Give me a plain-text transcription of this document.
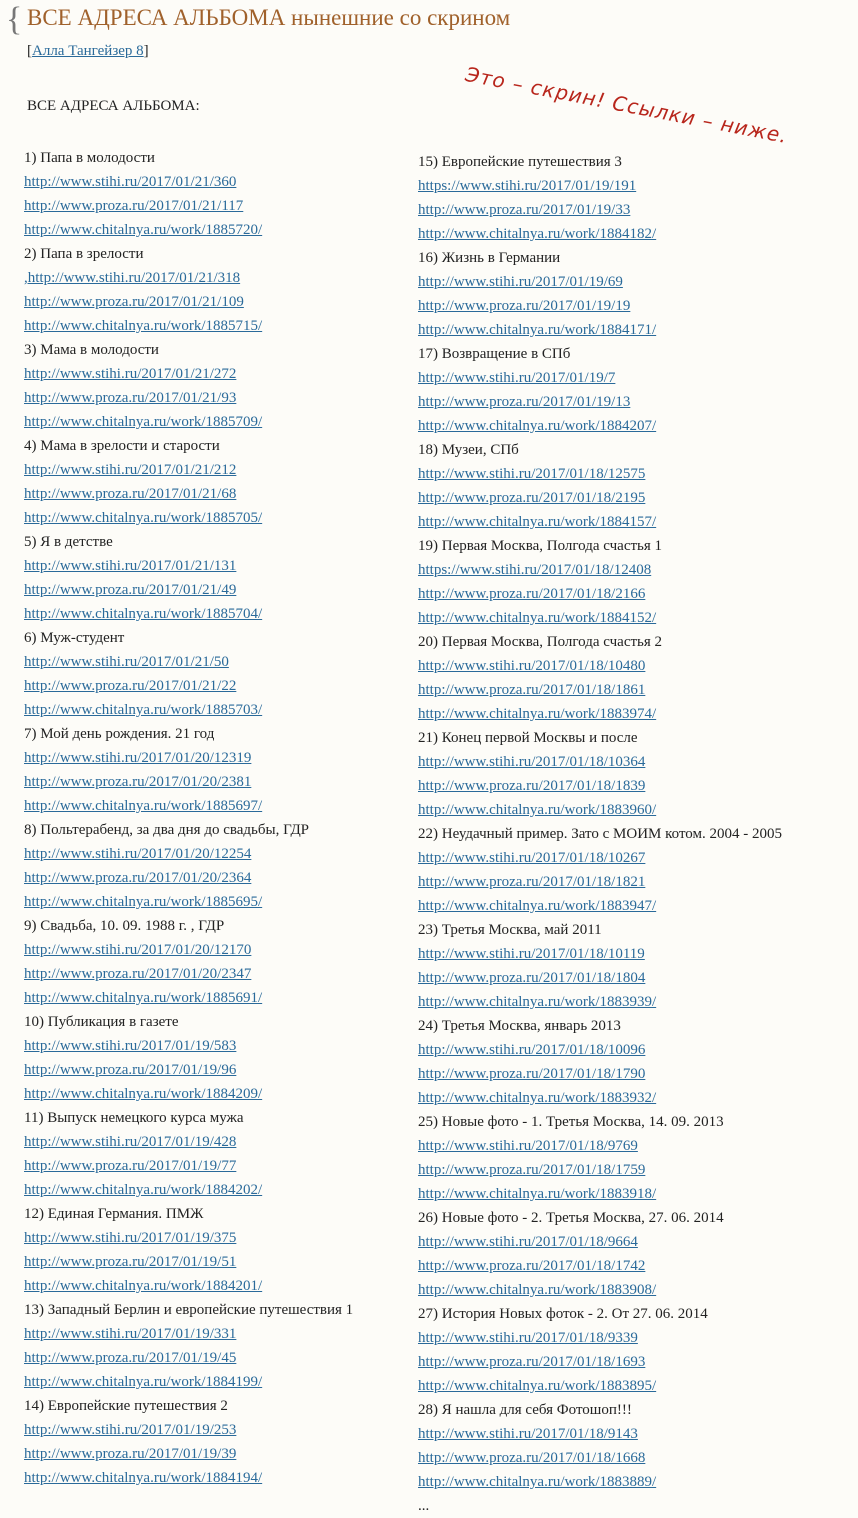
{ ВСЕ АДРЕСА АЛЬБОМА нынешние со скрином
[Алла Тангейзер 8]
ВСЕ АДРЕСА АЛЬБОМА:	Это – скрин! Ссылки – ниже.
1) Папа в молодости
http://www.stihi.ru/2017/01/21/360
http://www.proza.ru/2017/01/21/117
http://www.chitalnya.ru/work/1885720/
2) Папа в зрелости
,http://www.stihi.ru/2017/01/21/318
http://www.proza.ru/2017/01/21/109
http://www.chitalnya.ru/work/1885715/
3) Мама в молодости
http://www.stihi.ru/2017/01/21/272
http://www.proza.ru/2017/01/21/93
http://www.chitalnya.ru/work/1885709/
4) Мама в зрелости и старости
http://www.stihi.ru/2017/01/21/212
http://www.proza.ru/2017/01/21/68
http://www.chitalnya.ru/work/1885705/
5) Я в детстве
http://www.stihi.ru/2017/01/21/131
http://www.proza.ru/2017/01/21/49
http://www.chitalnya.ru/work/1885704/
6) Муж-студент
http://www.stihi.ru/2017/01/21/50
http://www.proza.ru/2017/01/21/22
http://www.chitalnya.ru/work/1885703/
7) Мой день рождения. 21 год
http://www.stihi.ru/2017/01/20/12319
http://www.proza.ru/2017/01/20/2381
http://www.chitalnya.ru/work/1885697/
8) Польтерабенд, за два дня до свадьбы, ГДР
http://www.stihi.ru/2017/01/20/12254
http://www.proza.ru/2017/01/20/2364
http://www.chitalnya.ru/work/1885695/
9) Свадьба, 10. 09. 1988 г. , ГДР
http://www.stihi.ru/2017/01/20/12170
http://www.proza.ru/2017/01/20/2347
http://www.chitalnya.ru/work/1885691/
10) Публикация в газете
http://www.stihi.ru/2017/01/19/583
http://www.proza.ru/2017/01/19/96
http://www.chitalnya.ru/work/1884209/
11) Выпуск немецкого курса мужа
http://www.stihi.ru/2017/01/19/428
http://www.proza.ru/2017/01/19/77
http://www.chitalnya.ru/work/1884202/
12) Единая Германия. ПМЖ
http://www.stihi.ru/2017/01/19/375
http://www.proza.ru/2017/01/19/51
http://www.chitalnya.ru/work/1884201/
13) Западный Берлин и европейские путешествия 1
http://www.stihi.ru/2017/01/19/331
http://www.proza.ru/2017/01/19/45
http://www.chitalnya.ru/work/1884199/
14) Европейские путешествия 2
http://www.stihi.ru/2017/01/19/253
http://www.proza.ru/2017/01/19/39
http://www.chitalnya.ru/work/1884194/
15) Европейские путешествия 3
https://www.stihi.ru/2017/01/19/191
http://www.proza.ru/2017/01/19/33
http://www.chitalnya.ru/work/1884182/
16) Жизнь в Германии
http://www.stihi.ru/2017/01/19/69
http://www.proza.ru/2017/01/19/19
http://www.chitalnya.ru/work/1884171/
17) Возвращение в СПб
http://www.stihi.ru/2017/01/19/7
http://www.proza.ru/2017/01/19/13
http://www.chitalnya.ru/work/1884207/
18) Музеи, СПб
http://www.stihi.ru/2017/01/18/12575
http://www.proza.ru/2017/01/18/2195
http://www.chitalnya.ru/work/1884157/
19) Первая Москва, Полгода счастья 1
https://www.stihi.ru/2017/01/18/12408
http://www.proza.ru/2017/01/18/2166
http://www.chitalnya.ru/work/1884152/
20) Первая Москва, Полгода счастья 2
http://www.stihi.ru/2017/01/18/10480
http://www.proza.ru/2017/01/18/1861
http://www.chitalnya.ru/work/1883974/
21) Конец первой Москвы и после
http://www.stihi.ru/2017/01/18/10364
http://www.proza.ru/2017/01/18/1839
http://www.chitalnya.ru/work/1883960/
22) Неудачный пример. Зато с МОИМ котом. 2004 - 2005
http://www.stihi.ru/2017/01/18/10267
http://www.proza.ru/2017/01/18/1821
http://www.chitalnya.ru/work/1883947/
23) Третья Москва, май 2011
http://www.stihi.ru/2017/01/18/10119
http://www.proza.ru/2017/01/18/1804
http://www.chitalnya.ru/work/1883939/
24) Третья Москва, январь 2013
http://www.stihi.ru/2017/01/18/10096
http://www.proza.ru/2017/01/18/1790
http://www.chitalnya.ru/work/1883932/
25) Новые фото - 1. Третья Москва, 14. 09. 2013
http://www.stihi.ru/2017/01/18/9769
http://www.proza.ru/2017/01/18/1759
http://www.chitalnya.ru/work/1883918/
26) Новые фото - 2. Третья Москва, 27. 06. 2014
http://www.stihi.ru/2017/01/18/9664
http://www.proza.ru/2017/01/18/1742
http://www.chitalnya.ru/work/1883908/
27) История Новых фоток - 2. От 27. 06. 2014
http://www.stihi.ru/2017/01/18/9339
http://www.proza.ru/2017/01/18/1693
http://www.chitalnya.ru/work/1883895/
28) Я нашла для себя Фотошоп!!!
http://www.stihi.ru/2017/01/18/9143
http://www.proza.ru/2017/01/18/1668
http://www.chitalnya.ru/work/1883889/
...
